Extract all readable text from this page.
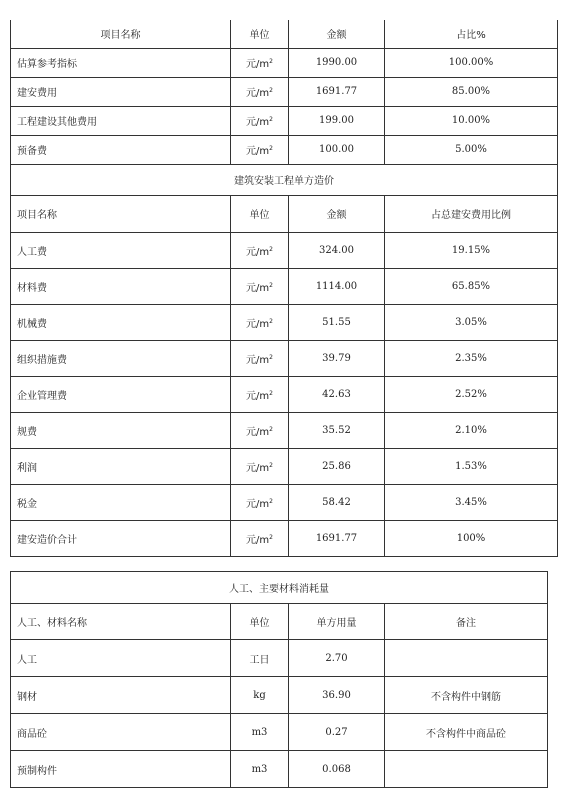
项目名称	单位	金额	占比%
估算参考指标	元$/m^2$	1990.00	100.00%
建安费用	元$/m^2$	1691.77	85.00%
工程建设其他费用	元$/m^2$	199.00	10.00%
预备费	元$/m^2$	100.00	5.00%
建筑安装工程单方造价			
项目名称	单位	金额	占总建安费用比例
人工费	元$/m^2$	324.00	19.15%
材料费	元$/m^2$	1114.00	65.85%
机械费	元$/m^2$	51.55	3.05%
组织措施费	元$/m^2$	39.79	2.35%
企业管理费	元$/m^2$	42.63	2.52%
规费	元$/m^2$	35.52	2.10%
利润	元$/m^2$	25.86	1.53%
税金	元$/m^2$	58.42	3.45%
建安造价合计	元$/m^2$	1691.77	100%
人工、主要材料消耗量			
人工、材料名称	单位	单方用量	备注
人工	工日	2.70	
钢材	kg	36.90	不含构件中钢筋
商品砼	m3	0.27	不含构件中商品砼
预制构件	m3	0.068	
